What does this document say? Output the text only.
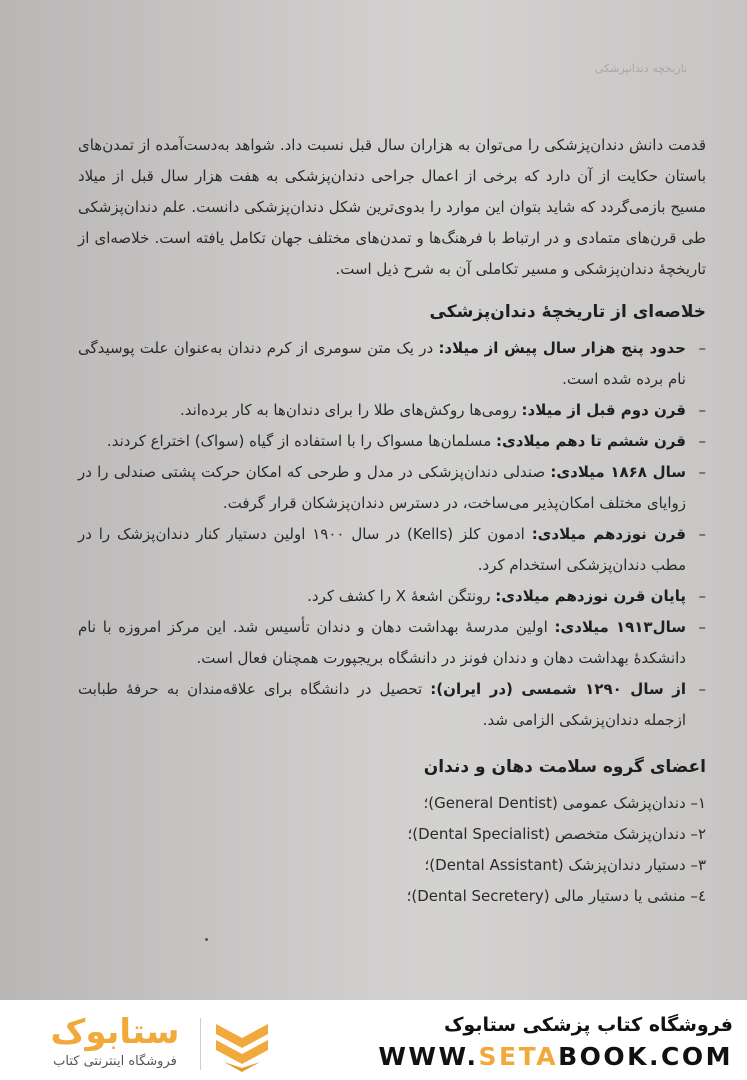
تاریخچه دندانپزشکی

قدمت دانش دندان‌پزشکی را می‌توان به هزاران سال قبل نسبت داد. شواهد به‌دست‌آمده از تمدن‌های باستان حکایت از آن دارد که برخی از اعمال جراحی دندان‌پزشکی به هفت هزار سال قبل از میلاد مسیح بازمی‌گردد که شاید بتوان این موارد را بدوی‌ترین شکل دندان‌پزشکی دانست. علم دندان‌پزشکی طی قرن‌های متمادی و در ارتباط با فرهنگ‌ها و تمدن‌های مختلف جهان تکامل یافته است. خلاصه‌ای از تاریخچهٔ دندان‌پزشکی و مسیر تکاملی آن به شرح ذیل است.

خلاصه‌ای از تاریخچهٔ دندان‌پزشکی
–
حدود پنج هزار سال پیش از میلاد: در یک متن سومری از کرم دندان به‌عنوان علت پوسیدگی نام برده شده است.
–
قرن دوم قبل از میلاد: رومی‌ها روکش‌های طلا را برای دندان‌ها به کار برده‌اند.
–
قرن ششم تا دهم میلادی: مسلمان‌ها مسواک را با استفاده از گیاه (سواک) اختراع کردند.
–
سال ۱۸۶۸ میلادی: صندلی دندان‌پزشکی در مدل و طرحی که امکان حرکت پشتی صندلی را در زوایای مختلف امکان‌پذیر می‌ساخت، در دسترس دندان‌پزشکان قرار گرفت.
–
قرن نوزدهم میلادی: ادمون کلز (Kells) در سال ۱۹۰۰ اولین دستیار کنار دندان‌پزشک را در مطب دندان‌پزشکی استخدام کرد.
–
پایان قرن نوزدهم میلادی: رونتگن اشعهٔ X را کشف کرد.
–
سال۱۹۱۳ میلادی: اولین مدرسهٔ بهداشت دهان و دندان تأسیس شد. این مرکز امروزه با نام دانشکدهٔ بهداشت دهان و دندان فونز در دانشگاه بریجپورت همچنان فعال است.
–
از سال ۱۲۹۰ شمسی (در ایران): تحصیل در دانشگاه برای علاقه‌مندان به حرفهٔ طبابت ازجمله دندان‌پزشکی الزامی شد.
اعضای گروه سلامت دهان و دندان
۱– دندان‌پزشک عمومی (General Dentist)؛
۲– دندان‌پزشک متخصص (Dental Specialist)؛
۳– دستیار دندان‌پزشک (Dental Assistant)؛
٤– منشی یا دستیار مالی (Dental Secretery)؛
ستابوک
فروشگاه اینترنتی کتاب
فروشگاه کتاب پزشکی ستابوک
WWW.SETABOOK.COM
